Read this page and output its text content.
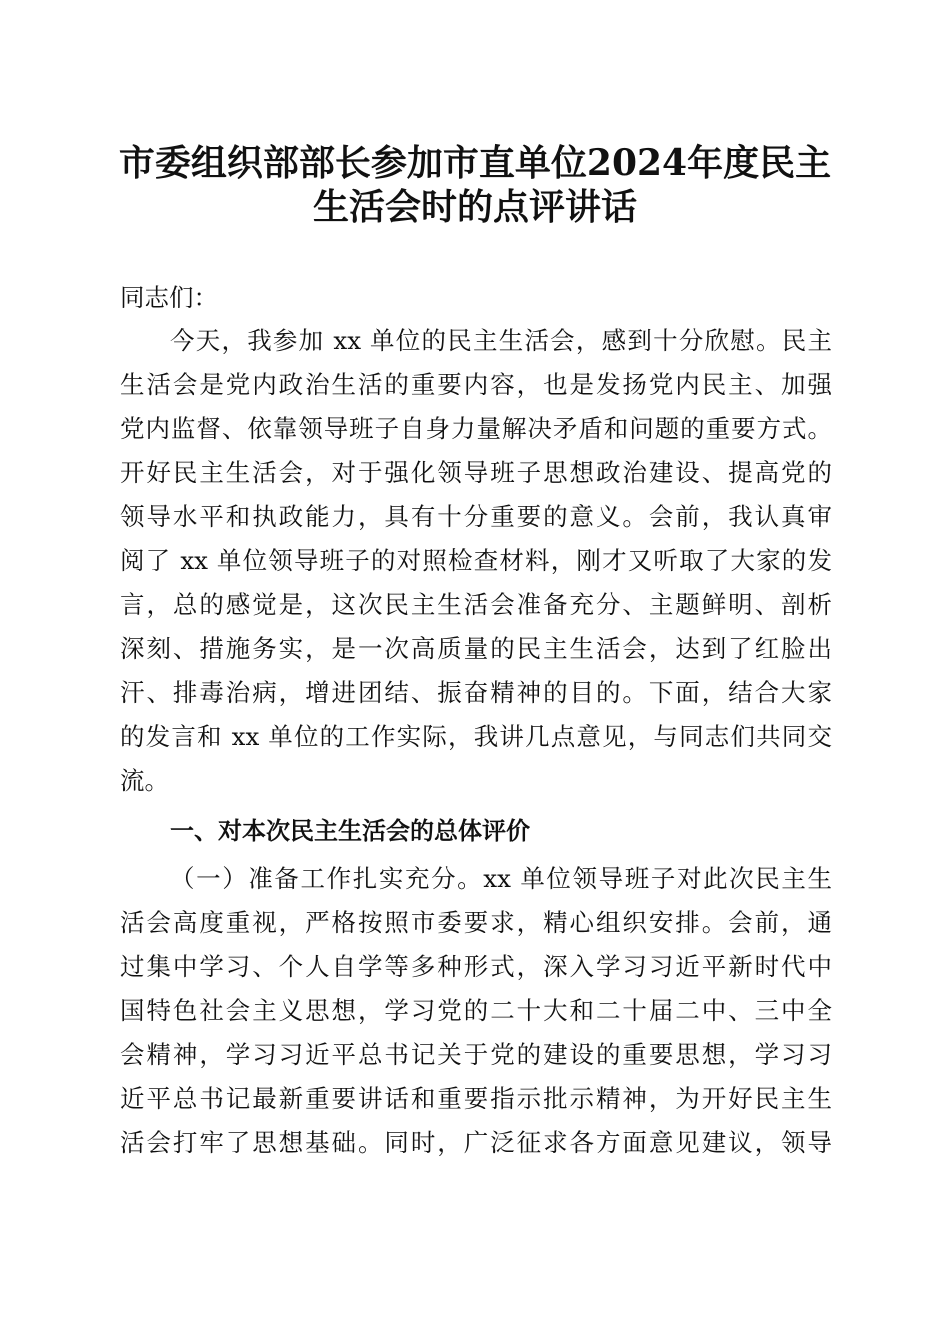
市委组织部部长参加市直单位2024年度民主
生活会时的点评讲话
同志们：
今天，我参加 xx 单位的民主生活会，感到十分欣慰。民主
生活会是党内政治生活的重要内容，也是发扬党内民主、加强
党内监督、依靠领导班子自身力量解决矛盾和问题的重要方式。
开好民主生活会，对于强化领导班子思想政治建设、提高党的
领导水平和执政能力，具有十分重要的意义。会前，我认真审
阅了 xx 单位领导班子的对照检查材料，刚才又听取了大家的发
言，总的感觉是，这次民主生活会准备充分、主题鲜明、剖析
深刻、措施务实，是一次高质量的民主生活会，达到了红脸出
汗、排毒治病，增进团结、振奋精神的目的。下面，结合大家
的发言和 xx 单位的工作实际，我讲几点意见，与同志们共同交
流。
一、对本次民主生活会的总体评价
（一）准备工作扎实充分。xx 单位领导班子对此次民主生
活会高度重视，严格按照市委要求，精心组织安排。会前，通
过集中学习、个人自学等多种形式，深入学习习近平新时代中
国特色社会主义思想，学习党的二十大和二十届二中、三中全
会精神，学习习近平总书记关于党的建设的重要思想，学习习
近平总书记最新重要讲话和重要指示批示精神，为开好民主生
活会打牢了思想基础。同时，广泛征求各方面意见建议，领导
